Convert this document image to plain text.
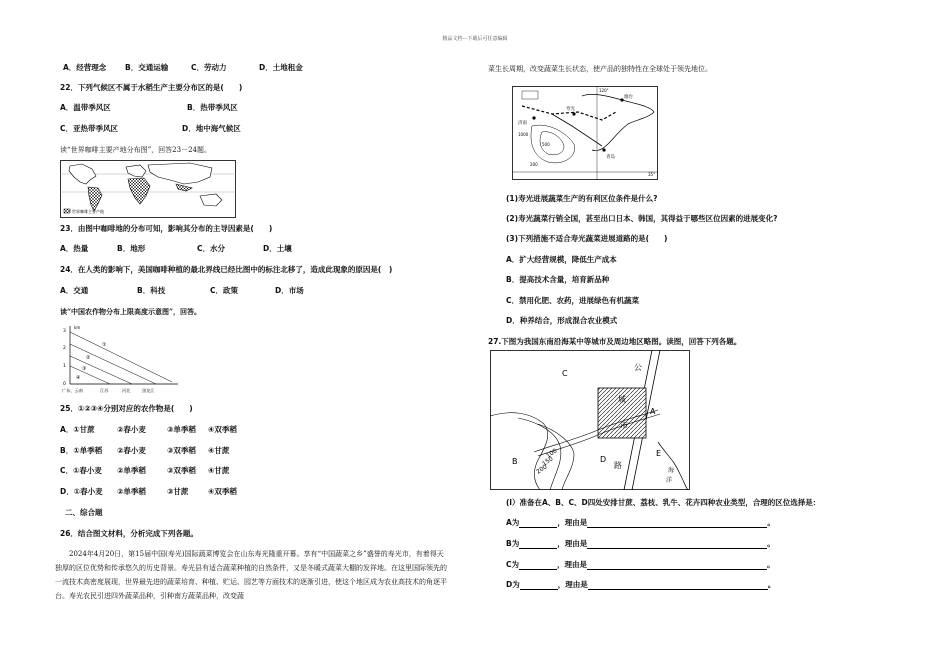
精品文档---下载后可任意编辑
A．经营理念 B．交通运输	C．劳动力	D．土地租金
22．下列气候区不属于水稻生产主要分布区的是(　　)
A．温带季风区	B．热带季风区
C．亚热带季风区	D．地中海气候区
读“世界咖啡主要产地分布图”，回答23－24题。
世界咖啡主要产地
23．由图中咖啡地的分布可知，影响其分布的主导因素是(　　)
A．热量	B．地形	C．水分	D．土壤
24．在人类的影响下，美国咖啡种植的最北界线已经比图中的标注北移了，造成此现象的原因是(　)
A．交通	B．科技	C．政策	D．市场
读“中国农作物分布上限高度示意图”，回答。
km
3
2
1
0
①
②
③
④
广东、云南	江苏	河北	黑龙江
25．①②③④分别对应的农作物是(　　)
A．①甘蔗	②春小麦	③单季稻 ④双季稻
B．①单季稻 ②春小麦	③双季稻 ④甘蔗
C．①春小麦 ②单季稻	③双季稻 ④甘蔗
D．①春小麦 ②单季稻	③甘蔗	④双季稻
二、综合题
26．结合图文材料，分析完成下列各题。
2024年4月20日，第15届中国(寿光)国际蔬菜博览会在山东寿光隆重开幕。享有“中国蔬菜之乡”盛誉的寿光市，有着得天独厚的区位优势和传承悠久的历史背景。寿光县有适合蔬菜种植的自然条件，又是冬暖式蔬菜大棚的发祥地。在这里国际领先的一流技术高密度展现，世界最先进的蔬菜培育、种植、贮运、园艺等方面技术的逐渐引进，使这个地区成为农业高技术的角逐平台。寿光农民引进四外蔬菜品种，引种南方蔬菜品种，改变蔬
菜生长周期，改变蔬菜生长状态，使产品的独特性在全球处于领先地位。
120°
35°
烟台
青岛
寿光
济南
1000
500
200
(1)寿光进展蔬菜生产的有利区位条件是什么?
(2)寿光蔬菜行销全国，甚至出口日本、韩国，其得益于哪些区位因素的进展变化?
(3)下列措施不适合寿光蔬菜进展道路的是(　　)
A．扩大经营规模，降低生产成本
B．提高技术含量，培育新品种
C．禁用化肥、农药，进展绿色有机蔬菜
D．种养结合，形成混合农业模式
27.下图为我国东南沿海某中等城市及周边地区略图。读图，回答下列各题。
C
公
城
A
市
B	D
路
E
海
洋
100
150
200
(l）准备在A、B、C、D四处安排甘蔗、荔枝、乳牛、花卉四种农业类型，合理的区位选择是：
A为	，理由是	。
B为	，理由是	。
C为	，理由是	。
D为	，理由是	。
